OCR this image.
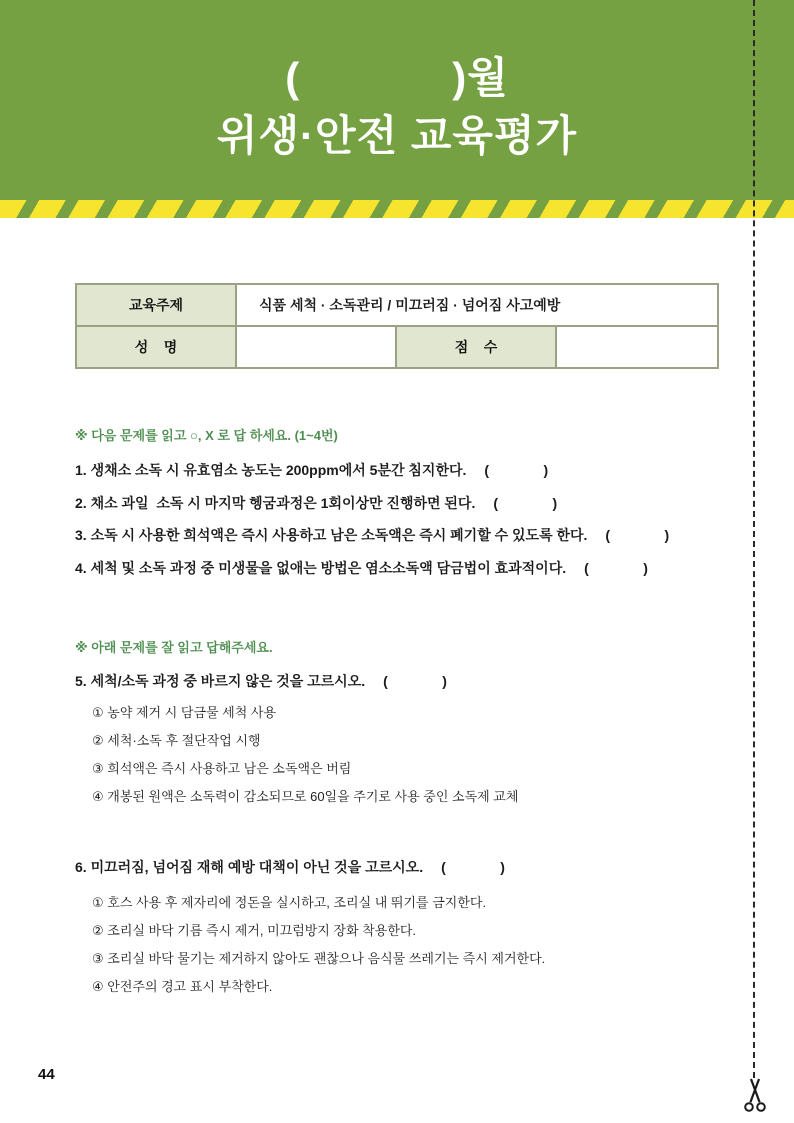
(            )월
위생·안전 교육평가
교육주제	식품 세척 · 소독관리 / 미끄러짐 · 넘어짐 사고예방
성    명	점    수
※ 다음 문제를 읽고 ○, X 로 답 하세요. (1~4번)
1. 생채소 소독 시 유효염소 농도는 200ppm에서 5분간 침지한다. (              )
2. 채소 과일  소독 시 마지막 헹굼과정은 1회이상만 진행하면 된다. (              )
3. 소독 시 사용한 희석액은 즉시 사용하고 남은 소독액은 즉시 폐기할 수 있도록 한다. (              )
4. 세척 및 소독 과정 중 미생물을 없애는 방법은 염소소독액 담금법이 효과적이다. (              )
※ 아래 문제를 잘 읽고 답해주세요.
5. 세척/소독 과정 중 바르지 않은 것을 고르시오. (              )
① 농약 제거 시 담금물 세척 사용
② 세척·소독 후 절단작업 시행
③ 희석액은 즉시 사용하고 남은 소독액은 버림
④ 개봉된 원액은 소독력이 감소되므로 60일을 주기로 사용 중인 소독제 교체
6. 미끄러짐, 넘어짐 재해 예방 대책이 아닌 것을 고르시오. (              )
① 호스 사용 후 제자리에 정돈을 실시하고, 조리실 내 뛰기를 금지한다.
② 조리실 바닥 기름 즉시 제거, 미끄럼방지 장화 착용한다.
③ 조리실 바닥 물기는 제거하지 않아도 괜찮으나 음식물 쓰레기는 즉시 제거한다.
④ 안전주의 경고 표시 부착한다.
44
